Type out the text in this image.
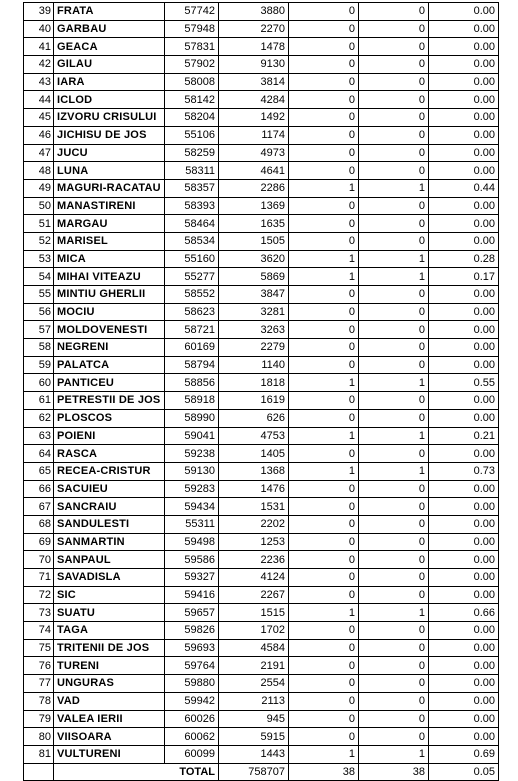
39	FRATA	57742	3880	0	0	0.00
40	GARBAU	57948	2270	0	0	0.00
41	GEACA	57831	1478	0	0	0.00
42	GILAU	57902	9130	0	0	0.00
43	IARA	58008	3814	0	0	0.00
44	ICLOD	58142	4284	0	0	0.00
45	IZVORU CRISULUI	58204	1492	0	0	0.00
46	JICHISU DE JOS	55106	1174	0	0	0.00
47	JUCU	58259	4973	0	0	0.00
48	LUNA	58311	4641	0	0	0.00
49	MAGURI-RACATAU	58357	2286	1	1	0.44
50	MANASTIRENI	58393	1369	0	0	0.00
51	MARGAU	58464	1635	0	0	0.00
52	MARISEL	58534	1505	0	0	0.00
53	MICA	55160	3620	1	1	0.28
54	MIHAI VITEAZU	55277	5869	1	1	0.17
55	MINTIU GHERLII	58552	3847	0	0	0.00
56	MOCIU	58623	3281	0	0	0.00
57	MOLDOVENESTI	58721	3263	0	0	0.00
58	NEGRENI	60169	2279	0	0	0.00
59	PALATCA	58794	1140	0	0	0.00
60	PANTICEU	58856	1818	1	1	0.55
61	PETRESTII DE JOS	58918	1619	0	0	0.00
62	PLOSCOS	58990	626	0	0	0.00
63	POIENI	59041	4753	1	1	0.21
64	RASCA	59238	1405	0	0	0.00
65	RECEA-CRISTUR	59130	1368	1	1	0.73
66	SACUIEU	59283	1476	0	0	0.00
67	SANCRAIU	59434	1531	0	0	0.00
68	SANDULESTI	55311	2202	0	0	0.00
69	SANMARTIN	59498	1253	0	0	0.00
70	SANPAUL	59586	2236	0	0	0.00
71	SAVADISLA	59327	4124	0	0	0.00
72	SIC	59416	2267	0	0	0.00
73	SUATU	59657	1515	1	1	0.66
74	TAGA	59826	1702	0	0	0.00
75	TRITENII DE JOS	59693	4584	0	0	0.00
76	TURENI	59764	2191	0	0	0.00
77	UNGURAS	59880	2554	0	0	0.00
78	VAD	59942	2113	0	0	0.00
79	VALEA IERII	60026	945	0	0	0.00
80	VIISOARA	60062	5915	0	0	0.00
81	VULTURENI	60099	1443	1	1	0.69
		TOTAL	758707	38	38	0.05
